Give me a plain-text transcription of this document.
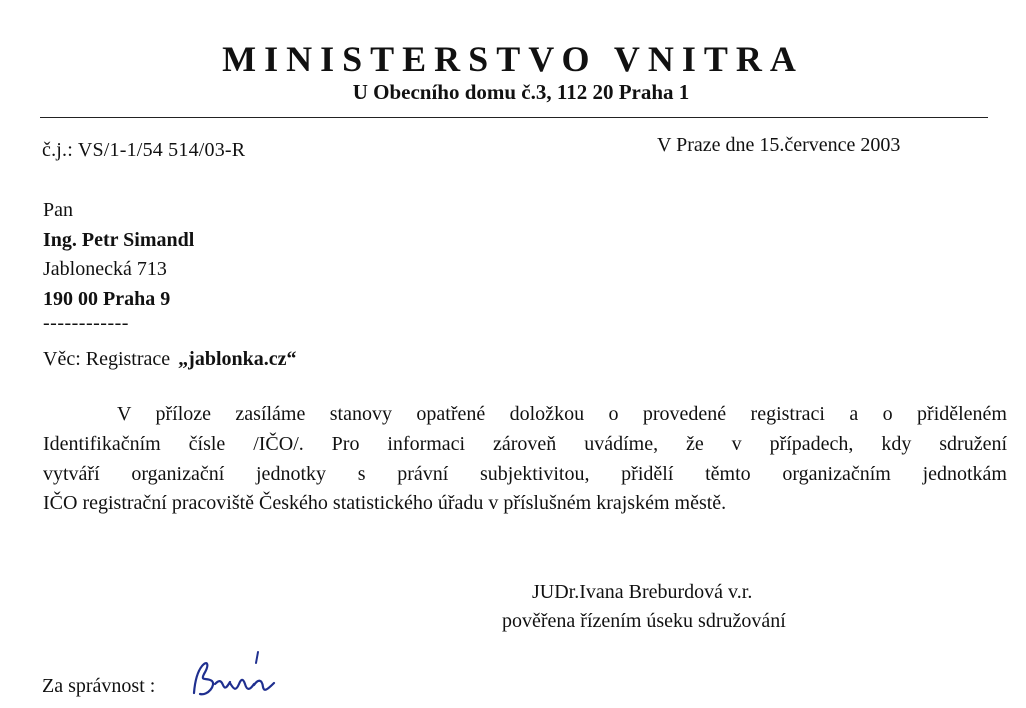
MINISTERSTVO VNITRA
U Obecního domu č.3, 112 20 Praha 1
č.j.: VS/1-1/54 514/03-R	V Praze dne 15.července 2003
Pan
Ing. Petr Simandl
Jablonecká 713
190 00 Praha 9
------------
Věc: Registrace „jablonka.cz“
V příloze zasíláme stanovy opatřené doložkou o provedené registraci a o přiděleném
Identifikačním čísle /IČO/. Pro informaci zároveň uvádíme, že v případech, kdy sdružení
vytváří organizační jednotky s právní subjektivitou, přidělí těmto organizačním jednotkám
IČO registrační pracoviště Českého statistického úřadu v příslušném krajském městě.
JUDr.Ivana Breburdová v.r.
pověřena řízením úseku sdružování
Za správnost :
